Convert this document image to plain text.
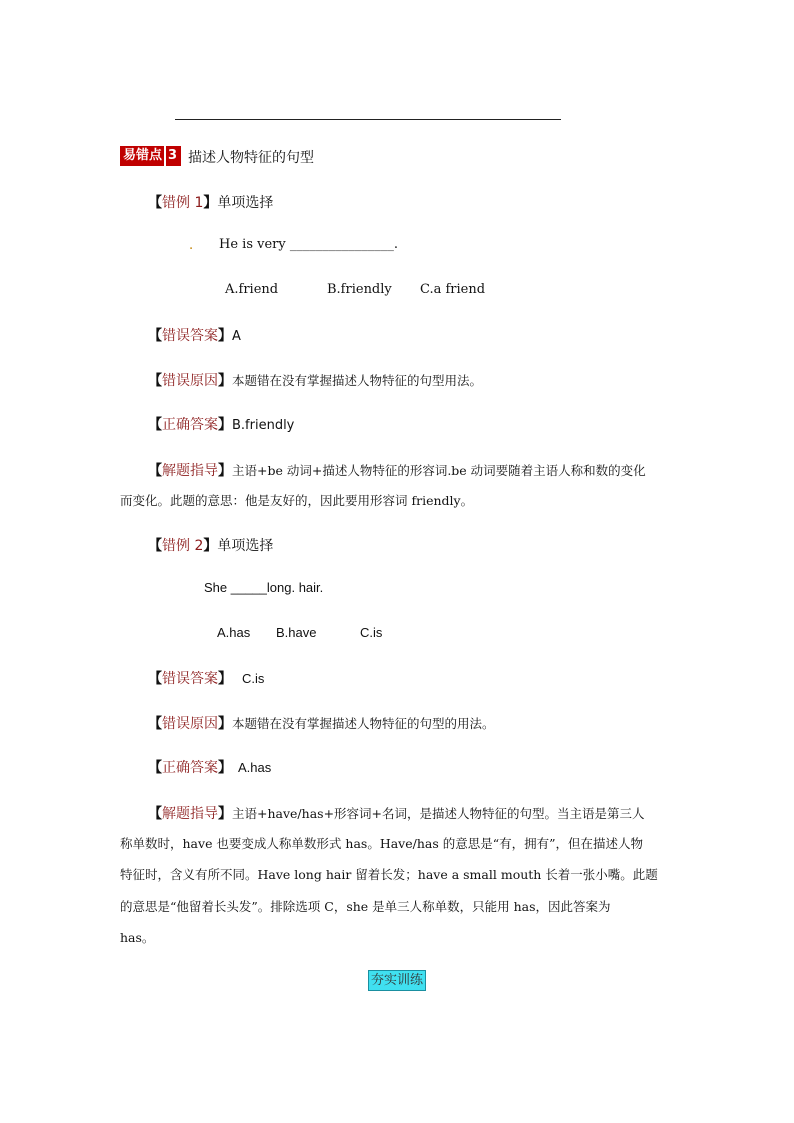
易错点 3 描述人物特征的句型
【错例 1】单项选择
. He is very ________________.
A.friend	B.friendly C.a friend
【错误答案】A
【错误原因】本题错在没有掌握描述人物特征的句型用法。
【正确答案】B.friendly
【解题指导】主语+be 动词+描述人物特征的形容词.be 动词要随着主语人称和数的变化
而变化。此题的意思：他是友好的，因此要用形容词 friendly。
【错例 2】单项选择
She _____long. hair.
A.has B.have	C.is
【错误答案】 C.is
【错误原因】本题错在没有掌握描述人物特征的句型的用法。
【正确答案】 A.has
【解题指导】主语+have/has+形容词+名词，是描述人物特征的句型。当主语是第三人
称单数时，have 也要变成人称单数形式 has。Have/has 的意思是“有，拥有”，但在描述人物
特征时，含义有所不同。Have long hair 留着长发；have a small mouth 长着一张小嘴。此题
的意思是“他留着长头发”。排除选项 C，she 是单三人称单数，只能用 has，因此答案为
has。
夯实训练
